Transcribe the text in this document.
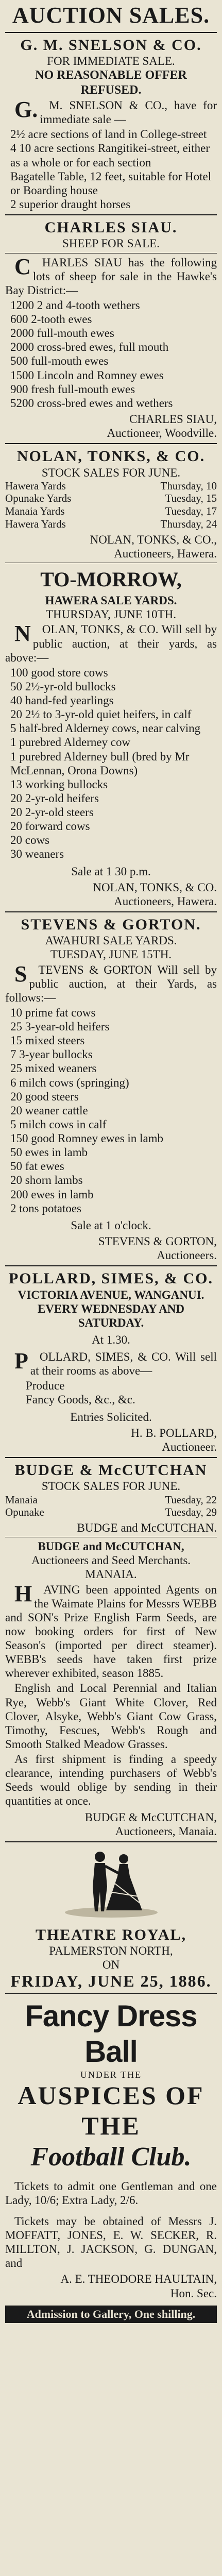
AUCTION SALES.
G. M. SNELSON & CO.
FOR IMMEDIATE SALE.
NO REASONABLE OFFER REFUSED.
G.M. SNELSON & CO., have for immediate sale —
2½ acre sections of land in College-street
4 10 acre sections Rangitikei-street, either as a whole or for each section
Bagatelle Table, 12 feet, suitable for Hotel or Boarding house
2 superior draught horses
CHARLES SIAU.
SHEEP FOR SALE.
CHARLES SIAU has the following lots of sheep for sale in the Hawke's Bay District:—
1200 2 and 4-tooth wethers
600 2-tooth ewes
2000 full-mouth ewes
2000 cross-bred ewes, full mouth
500 full-mouth ewes
1500 Lincoln and Romney ewes
900 fresh full-mouth ewes
5200 cross-bred ewes and wethers
CHARLES SIAU,
Auctioneer, Woodville.
NOLAN, TONKS, & CO.
STOCK SALES FOR JUNE.
Hawera Yards	Thursday, 10
Opunake Yards	Tuesday, 15
Manaia Yards	Tuesday, 17
Hawera Yards	Thursday, 24
NOLAN, TONKS, & CO.,
Auctioneers, Hawera.
TO-MORROW,
HAWERA SALE YARDS.
THURSDAY, JUNE 10TH.
NOLAN, TONKS, & CO. Will sell by public auction, at their yards, as above:—
100 good store cows
50 2½-yr-old bullocks
40 hand-fed yearlings
20 2½ to 3-yr-old quiet heifers, in calf
5 half-bred Alderney cows, near calving
1 purebred Alderney cow
1 purebred Alderney bull (bred by Mr McLennan, Orona Downs)
13 working bullocks
20 2-yr-old heifers
20 2-yr-old steers
20 forward cows
20 cows
30 weaners
Sale at 1 30 p.m.
NOLAN, TONKS, & CO.
Auctioneers, Hawera.
STEVENS & GORTON.
AWAHURI SALE YARDS.
TUESDAY, JUNE 15TH.
STEVENS & GORTON Will sell by public auction, at their Yards, as follows:—
10 prime fat cows
25 3-year-old heifers
15 mixed steers
7 3-year bullocks
25 mixed weaners
6 milch cows (springing)
20 good steers
20 weaner cattle
5 milch cows in calf
150 good Romney ewes in lamb
50 ewes in lamb
50 fat ewes
20 shorn lambs
200 ewes in lamb
2 tons potatoes
Sale at 1 o'clock.
STEVENS & GORTON,
Auctioneers.
POLLARD, SIMES, & CO.
VICTORIA AVENUE, WANGANUI.
EVERY WEDNESDAY AND SATURDAY.
At 1.30.
POLLARD, SIMES, & CO. Will sell at their rooms as above—
Produce
Fancy Goods, &c., &c.
Entries Solicited.
H. B. POLLARD,
Auctioneer.
BUDGE & McCUTCHAN
STOCK SALES FOR JUNE.
Manaia	Tuesday, 22
Opunake	Tuesday, 29
BUDGE and McCUTCHAN.
BUDGE and McCUTCHAN,
Auctioneers and Seed Merchants.
MANAIA.
HAVING been appointed Agents on the Waimate Plains for Messrs WEBB and SON's Prize English Farm Seeds, are now booking orders for first of New Season's (imported per direct steamer). WEBB's seeds have taken first prize wherever exhibited, season 1885.
English and Local Perennial and Italian Rye, Webb's Giant White Clover, Red Clover, Alsyke, Webb's Giant Cow Grass, Timothy, Fescues, Webb's Rough and Smooth Stalked Meadow Grasses.
As first shipment is finding a speedy clearance, intending purchasers of Webb's Seeds would oblige by sending in their quantities at once.
BUDGE & McCUTCHAN,
Auctioneers, Manaia.
THEATRE ROYAL,
PALMERSTON NORTH,
ON
FRIDAY, JUNE 25, 1886.
Fancy Dress Ball
UNDER THE
AUSPICES OF THE
Football Club.
Tickets to admit one Gentleman and one Lady, 10/6; Extra Lady, 2/6.
Tickets may be obtained of Messrs J. MOFFATT, JONES, E. W. SECKER, R. MILLTON, J. JACKSON, G. DUNGAN, and
A. E. THEODORE HAULTAIN,
Hon. Sec.
Admission to Gallery, One shilling.
